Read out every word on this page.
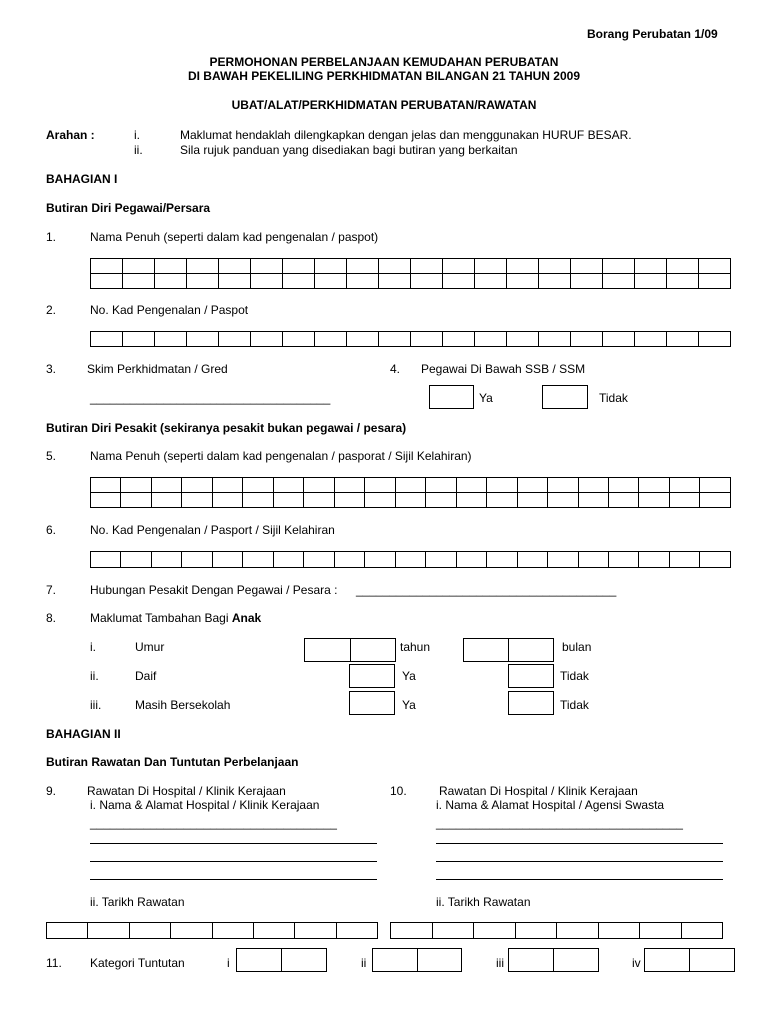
Borang Perubatan 1/09
PERMOHONAN PERBELANJAAN KEMUDAHAN PERUBATAN
DI BAWAH PEKELILING PERKHIDMATAN BILANGAN 21 TAHUN 2009
UBAT/ALAT/PERKHIDMATAN PERUBATAN/RAWATAN
Arahan :	i.	Maklumat hendaklah dilengkapkan dengan jelas dan menggunakan HURUF BESAR.
ii.	Sila rujuk panduan yang disediakan bagi butiran yang berkaitan
BAHAGIAN I
Butiran Diri Pegawai/Persara
1.	Nama Penuh (seperti dalam kad pengenalan / paspot)
2.	No. Kad Pengenalan / Paspot
3.	Skim Perkhidmatan / Gred
____________________________________
4. Pegawai Di Bawah SSB / SSM
Ya	Tidak
Butiran Diri Pesakit (sekiranya pesakit bukan pegawai / pesara)
5.	Nama Penuh (seperti dalam kad pengenalan / pasporat / Sijil Kelahiran)
6.	No. Kad Pengenalan / Pasport / Sijil Kelahiran
7.	Hubungan Pesakit Dengan Pegawai / Pesara : _______________________________________
8.	Maklumat Tambahan Bagi Anak
i.	Umur	tahun	bulan
ii.	Daif	Ya	Tidak
iii.	Masih Bersekolah	Ya	Tidak
BAHAGIAN II
Butiran Rawatan Dan Tuntutan Perbelanjaan
9.	Rawatan Di Hospital / Klinik Kerajaan
i. Nama & Alamat Hospital / Klinik Kerajaan
_____________________________________
ii. Tarikh Rawatan
10.	Rawatan Di Hospital / Klinik Kerajaan
i. Nama & Alamat Hospital / Agensi Swasta
_____________________________________
ii. Tarikh Rawatan
11. Kategori Tuntutan	i	ii	iii	iv
